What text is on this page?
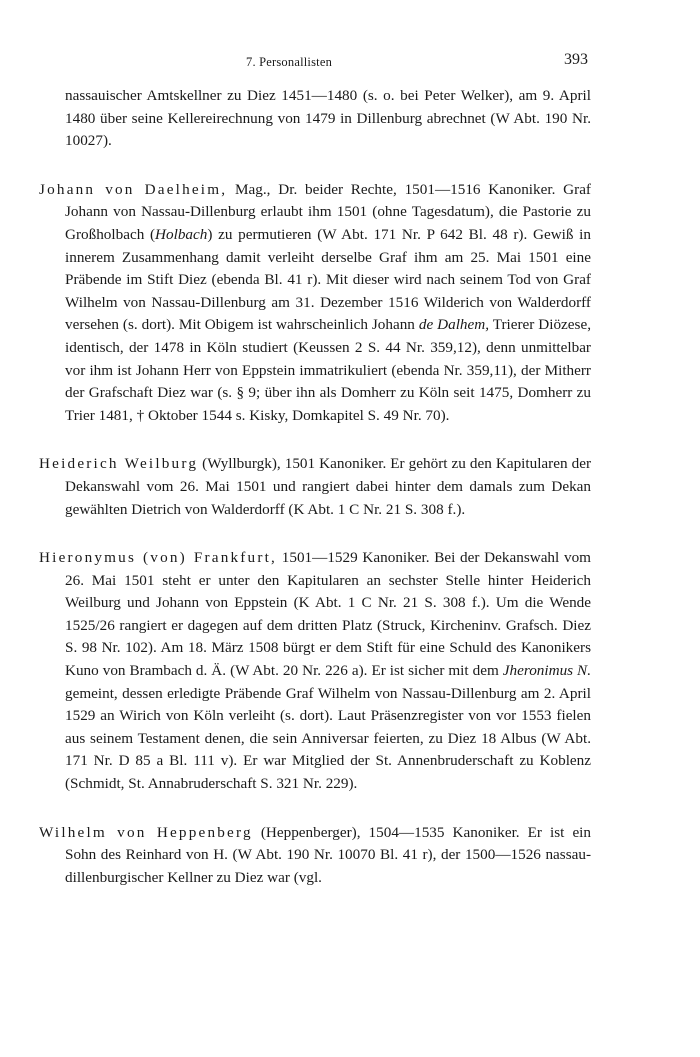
7. Personallisten	393

nassauischer Amtskellner zu Diez 1451—1480 (s. o. bei Peter Welker), am 9. April 1480 über seine Kellereirechnung von 1479 in Dillenburg abrechnet (W Abt. 190 Nr. 10027).

Johann von Daelheim, Mag., Dr. beider Rechte, 1501—1516 Kanoniker. Graf Johann von Nassau-Dillenburg erlaubt ihm 1501 (ohne Tagesdatum), die Pastorie zu Großholbach (Holbach) zu permutieren (W Abt. 171 Nr. P 642 Bl. 48 r). Gewiß in innerem Zusammenhang damit verleiht derselbe Graf ihm am 25. Mai 1501 eine Präbende im Stift Diez (ebenda Bl. 41 r). Mit dieser wird nach seinem Tod von Graf Wilhelm von Nassau-Dillenburg am 31. Dezember 1516 Wilderich von Walderdorff versehen (s. dort). Mit Obigem ist wahrscheinlich Johann de Dalhem, Trierer Diözese, identisch, der 1478 in Köln studiert (Keussen 2 S. 44 Nr. 359,12), denn unmittelbar vor ihm ist Johann Herr von Eppstein immatrikuliert (ebenda Nr. 359,11), der Mitherr der Grafschaft Diez war (s. § 9; über ihn als Domherr zu Köln seit 1475, Domherr zu Trier 1481, † Oktober 1544 s. Kisky, Domkapitel S. 49 Nr. 70).

Heiderich Weilburg (Wyllburgk), 1501 Kanoniker. Er gehört zu den Kapitularen der Dekanswahl vom 26. Mai 1501 und rangiert dabei hinter dem damals zum Dekan gewählten Dietrich von Walderdorff (K Abt. 1 C Nr. 21 S. 308 f.).

Hieronymus (von) Frankfurt, 1501—1529 Kanoniker. Bei der Dekanswahl vom 26. Mai 1501 steht er unter den Kapitularen an sechster Stelle hinter Heiderich Weilburg und Johann von Eppstein (K Abt. 1 C Nr. 21 S. 308 f.). Um die Wende 1525/26 rangiert er dagegen auf dem dritten Platz (Struck, Kircheninv. Grafsch. Diez S. 98 Nr. 102). Am 18. März 1508 bürgt er dem Stift für eine Schuld des Kanonikers Kuno von Brambach d. Ä. (W Abt. 20 Nr. 226 a). Er ist sicher mit dem Jheronimus N. gemeint, dessen erledigte Präbende Graf Wilhelm von Nassau-Dillenburg am 2. April 1529 an Wirich von Köln verleiht (s. dort). Laut Präsenzregister von vor 1553 fielen aus seinem Testament denen, die sein Anniversar feierten, zu Diez 18 Albus (W Abt. 171 Nr. D 85 a Bl. 111 v). Er war Mitglied der St. Annenbruderschaft zu Koblenz (Schmidt, St. Annabruderschaft S. 321 Nr. 229).

Wilhelm von Heppenberg (Heppenberger), 1504—1535 Kanoniker. Er ist ein Sohn des Reinhard von H. (W Abt. 190 Nr. 10070 Bl. 41 r), der 1500—1526 nassau-dillenburgischer Kellner zu Diez war (vgl.
